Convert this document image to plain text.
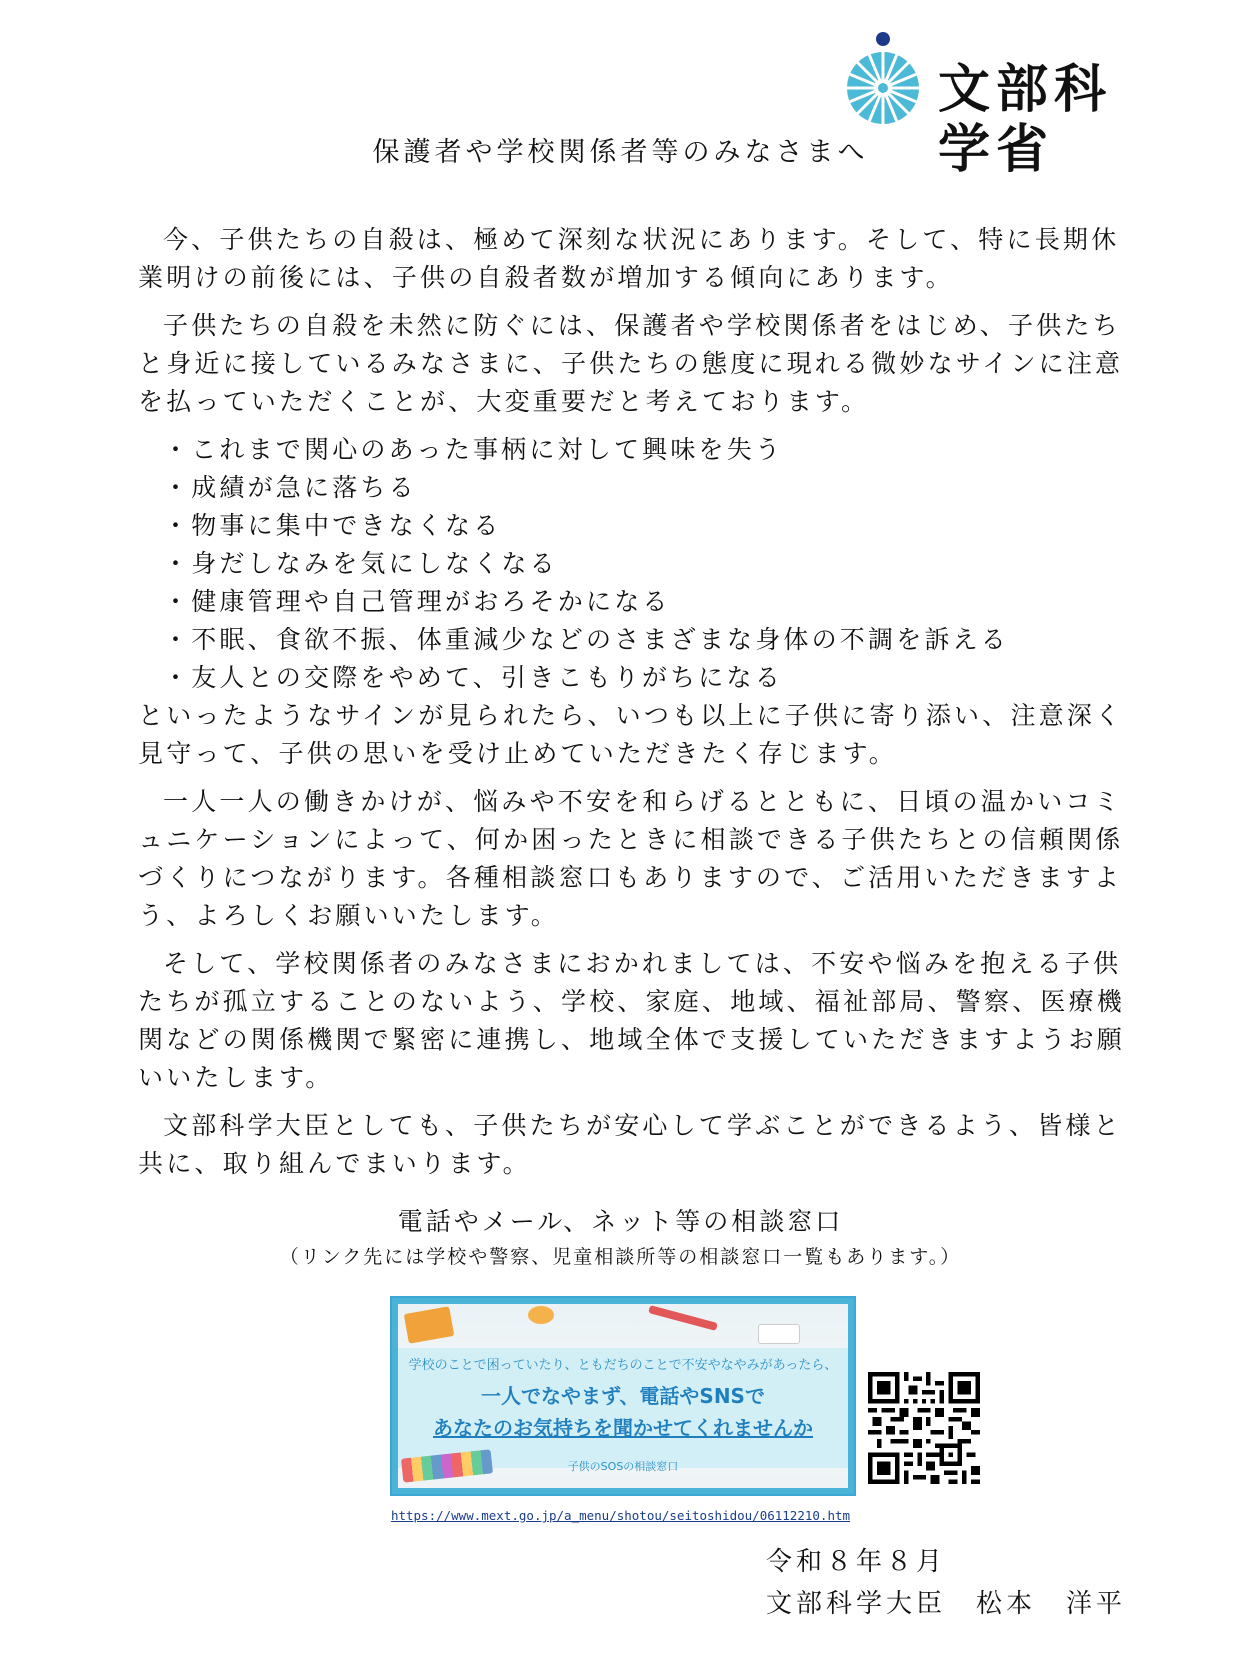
文部科学省
保護者や学校関係者等のみなさまへ

今、子供たちの自殺は、極めて深刻な状況にあります。そして、特に長期休業明けの前後には、子供の自殺者数が増加する傾向にあります。

子供たちの自殺を未然に防ぐには、保護者や学校関係者をはじめ、子供たちと身近に接しているみなさまに、子供たちの態度に現れる微妙なサインに注意を払っていただくことが、大変重要だと考えております。

・ これまで関心のあった事柄に対して興味を失う
・ 成績が急に落ちる
・ 物事に集中できなくなる
・ 身だしなみを気にしなくなる
・ 健康管理や自己管理がおろそかになる
・ 不眠、食欲不振、体重減少などのさまざまな身体の不調を訴える
・ 友人との交際をやめて、引きこもりがちになる

といったようなサインが見られたら、いつも以上に子供に寄り添い、注意深く見守って、子供の思いを受け止めていただきたく存じます。

一人一人の働きかけが、悩みや不安を和らげるとともに、日頃の温かいコミュニケーションによって、何か困ったときに相談できる子供たちとの信頼関係づくりにつながります。各種相談窓口もありますので、ご活用いただきますよう、よろしくお願いいたします。

そして、学校関係者のみなさまにおかれましては、不安や悩みを抱える子供たちが孤立することのないよう、学校、家庭、地域、福祉部局、警察、医療機関などの関係機関で緊密に連携し、地域全体で支援していただきますようお願いいたします。

文部科学大臣としても、子供たちが安心して学ぶことができるよう、皆様と共に、取り組んでまいります。

電話やメール、ネット等の相談窓口
（リンク先には学校や警察、児童相談所等の相談窓口一覧もあります。）
学校のことで困っていたり、ともだちのことで不安やなやみがあったら、
一人でなやまず、電話やSNSで
あなたのお気持ちを聞かせてくれませんか
子供のSOSの相談窓口
https://www.mext.go.jp/a_menu/shotou/seitoshidou/06112210.htm
令和８年８月
文部科学大臣　松本　洋平
